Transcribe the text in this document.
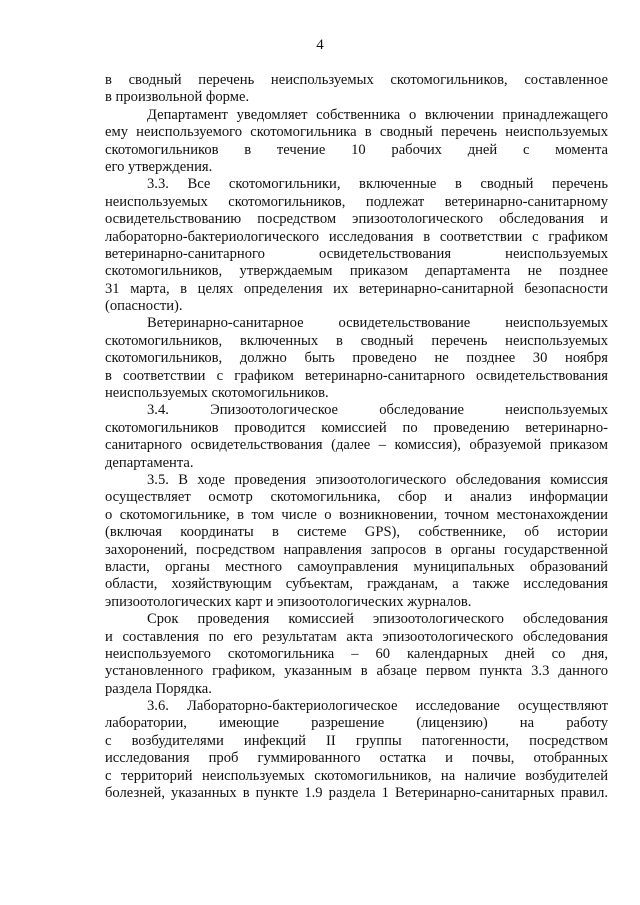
4
в сводный перечень неиспользуемых скотомогильников, составленное
в произвольной форме.
Департамент уведомляет собственника о включении принадлежащего
ему неиспользуемого скотомогильника в сводный перечень неиспользуемых
скотомогильников в течение 10 рабочих дней с момента
его утверждения.
3.3. Все скотомогильники, включенные в сводный перечень
неиспользуемых скотомогильников, подлежат ветеринарно-санитарному
освидетельствованию посредством эпизоотологического обследования и
лабораторно-бактериологического исследования в соответствии с графиком
ветеринарно-санитарного освидетельствования неиспользуемых
скотомогильников, утверждаемым приказом департамента не позднее
31 марта, в целях определения их ветеринарно-санитарной безопасности
(опасности).
Ветеринарно-санитарное освидетельствование неиспользуемых
скотомогильников, включенных в сводный перечень неиспользуемых
скотомогильников, должно быть проведено не позднее 30 ноября
в соответствии с графиком ветеринарно-санитарного освидетельствования
неиспользуемых скотомогильников.
3.4. Эпизоотологическое обследование неиспользуемых
скотомогильников проводится комиссией по проведению ветеринарно-
санитарного освидетельствования (далее – комиссия), образуемой приказом
департамента.
3.5. В ходе проведения эпизоотологического обследования комиссия
осуществляет осмотр скотомогильника, сбор и анализ информации
о скотомогильнике, в том числе о возникновении, точном местонахождении
(включая координаты в системе GPS), собственнике, об истории
захоронений, посредством направления запросов в органы государственной
власти, органы местного самоуправления муниципальных образований
области, хозяйствующим субъектам, гражданам, а также исследования
эпизоотологических карт и эпизоотологических журналов.
Срок проведения комиссией эпизоотологического обследования
и составления по его результатам акта эпизоотологического обследования
неиспользуемого скотомогильника – 60 календарных дней со дня,
установленного графиком, указанным в абзаце первом пункта 3.3 данного
раздела Порядка.
3.6. Лабораторно-бактериологическое исследование осуществляют
лаборатории, имеющие разрешение (лицензию) на работу
с возбудителями инфекций II группы патогенности, посредством
исследования проб гуммированного остатка и почвы, отобранных
с территорий неиспользуемых скотомогильников, на наличие возбудителей
болезней, указанных в пункте 1.9 раздела 1 Ветеринарно-санитарных правил.
